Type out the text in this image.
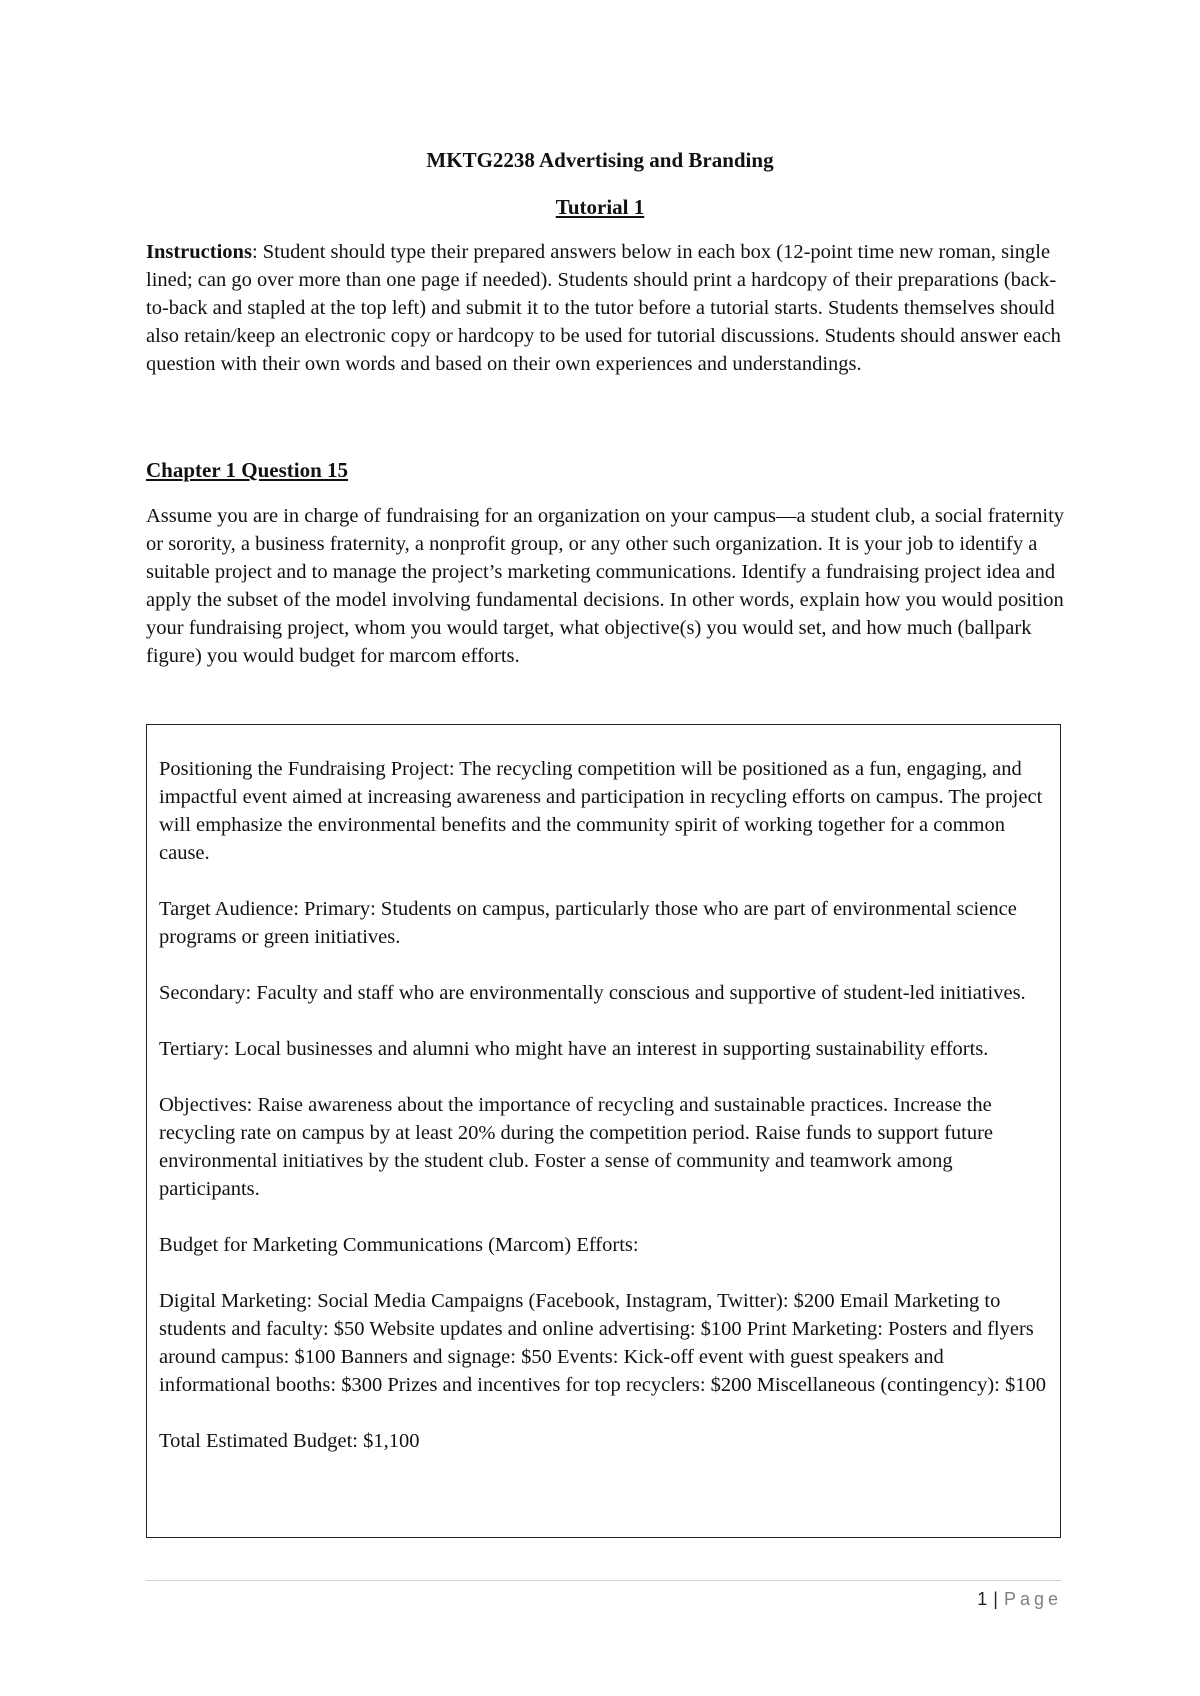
MKTG2238 Advertising and Branding
Tutorial 1

Instructions: Student should type their prepared answers below in each box (12-point time new roman, single lined; can go over more than one page if needed). Students should print a hardcopy of their preparations (back-to-back and stapled at the top left) and submit it to the tutor before a tutorial starts. Students themselves should also retain/keep an electronic copy or hardcopy to be used for tutorial discussions. Students should answer each question with their own words and based on their own experiences and understandings.

Chapter 1 Question 15

Assume you are in charge of fundraising for an organization on your campus—a student club, a social fraternity or sorority, a business fraternity, a nonprofit group, or any other such organization. It is your job to identify a suitable project and to manage the project’s marketing communications. Identify a fundraising project idea and apply the subset of the model involving fundamental decisions. In other words, explain how you would position your fundraising project, whom you would target, what objective(s) you would set, and how much (ballpark figure) you would budget for marcom efforts.

Positioning the Fundraising Project: The recycling competition will be positioned as a fun, engaging, and impactful event aimed at increasing awareness and participation in recycling efforts on campus. The project will emphasize the environmental benefits and the community spirit of working together for a common cause.

Target Audience: Primary: Students on campus, particularly those who are part of environmental science programs or green initiatives.

Secondary: Faculty and staff who are environmentally conscious and supportive of student-led initiatives.

Tertiary: Local businesses and alumni who might have an interest in supporting sustainability efforts.

Objectives: Raise awareness about the importance of recycling and sustainable practices. Increase the recycling rate on campus by at least 20% during the competition period. Raise funds to support future environmental initiatives by the student club. Foster a sense of community and teamwork among participants.

Budget for Marketing Communications (Marcom) Efforts:

Digital Marketing: Social Media Campaigns (Facebook, Instagram, Twitter): $200 Email Marketing to students and faculty: $50 Website updates and online advertising: $100 Print Marketing: Posters and flyers around campus: $100 Banners and signage: $50 Events: Kick-off event with guest speakers and informational booths: $300 Prizes and incentives for top recyclers: $200 Miscellaneous (contingency): $100

Total Estimated Budget: $1,100

1 | Page
